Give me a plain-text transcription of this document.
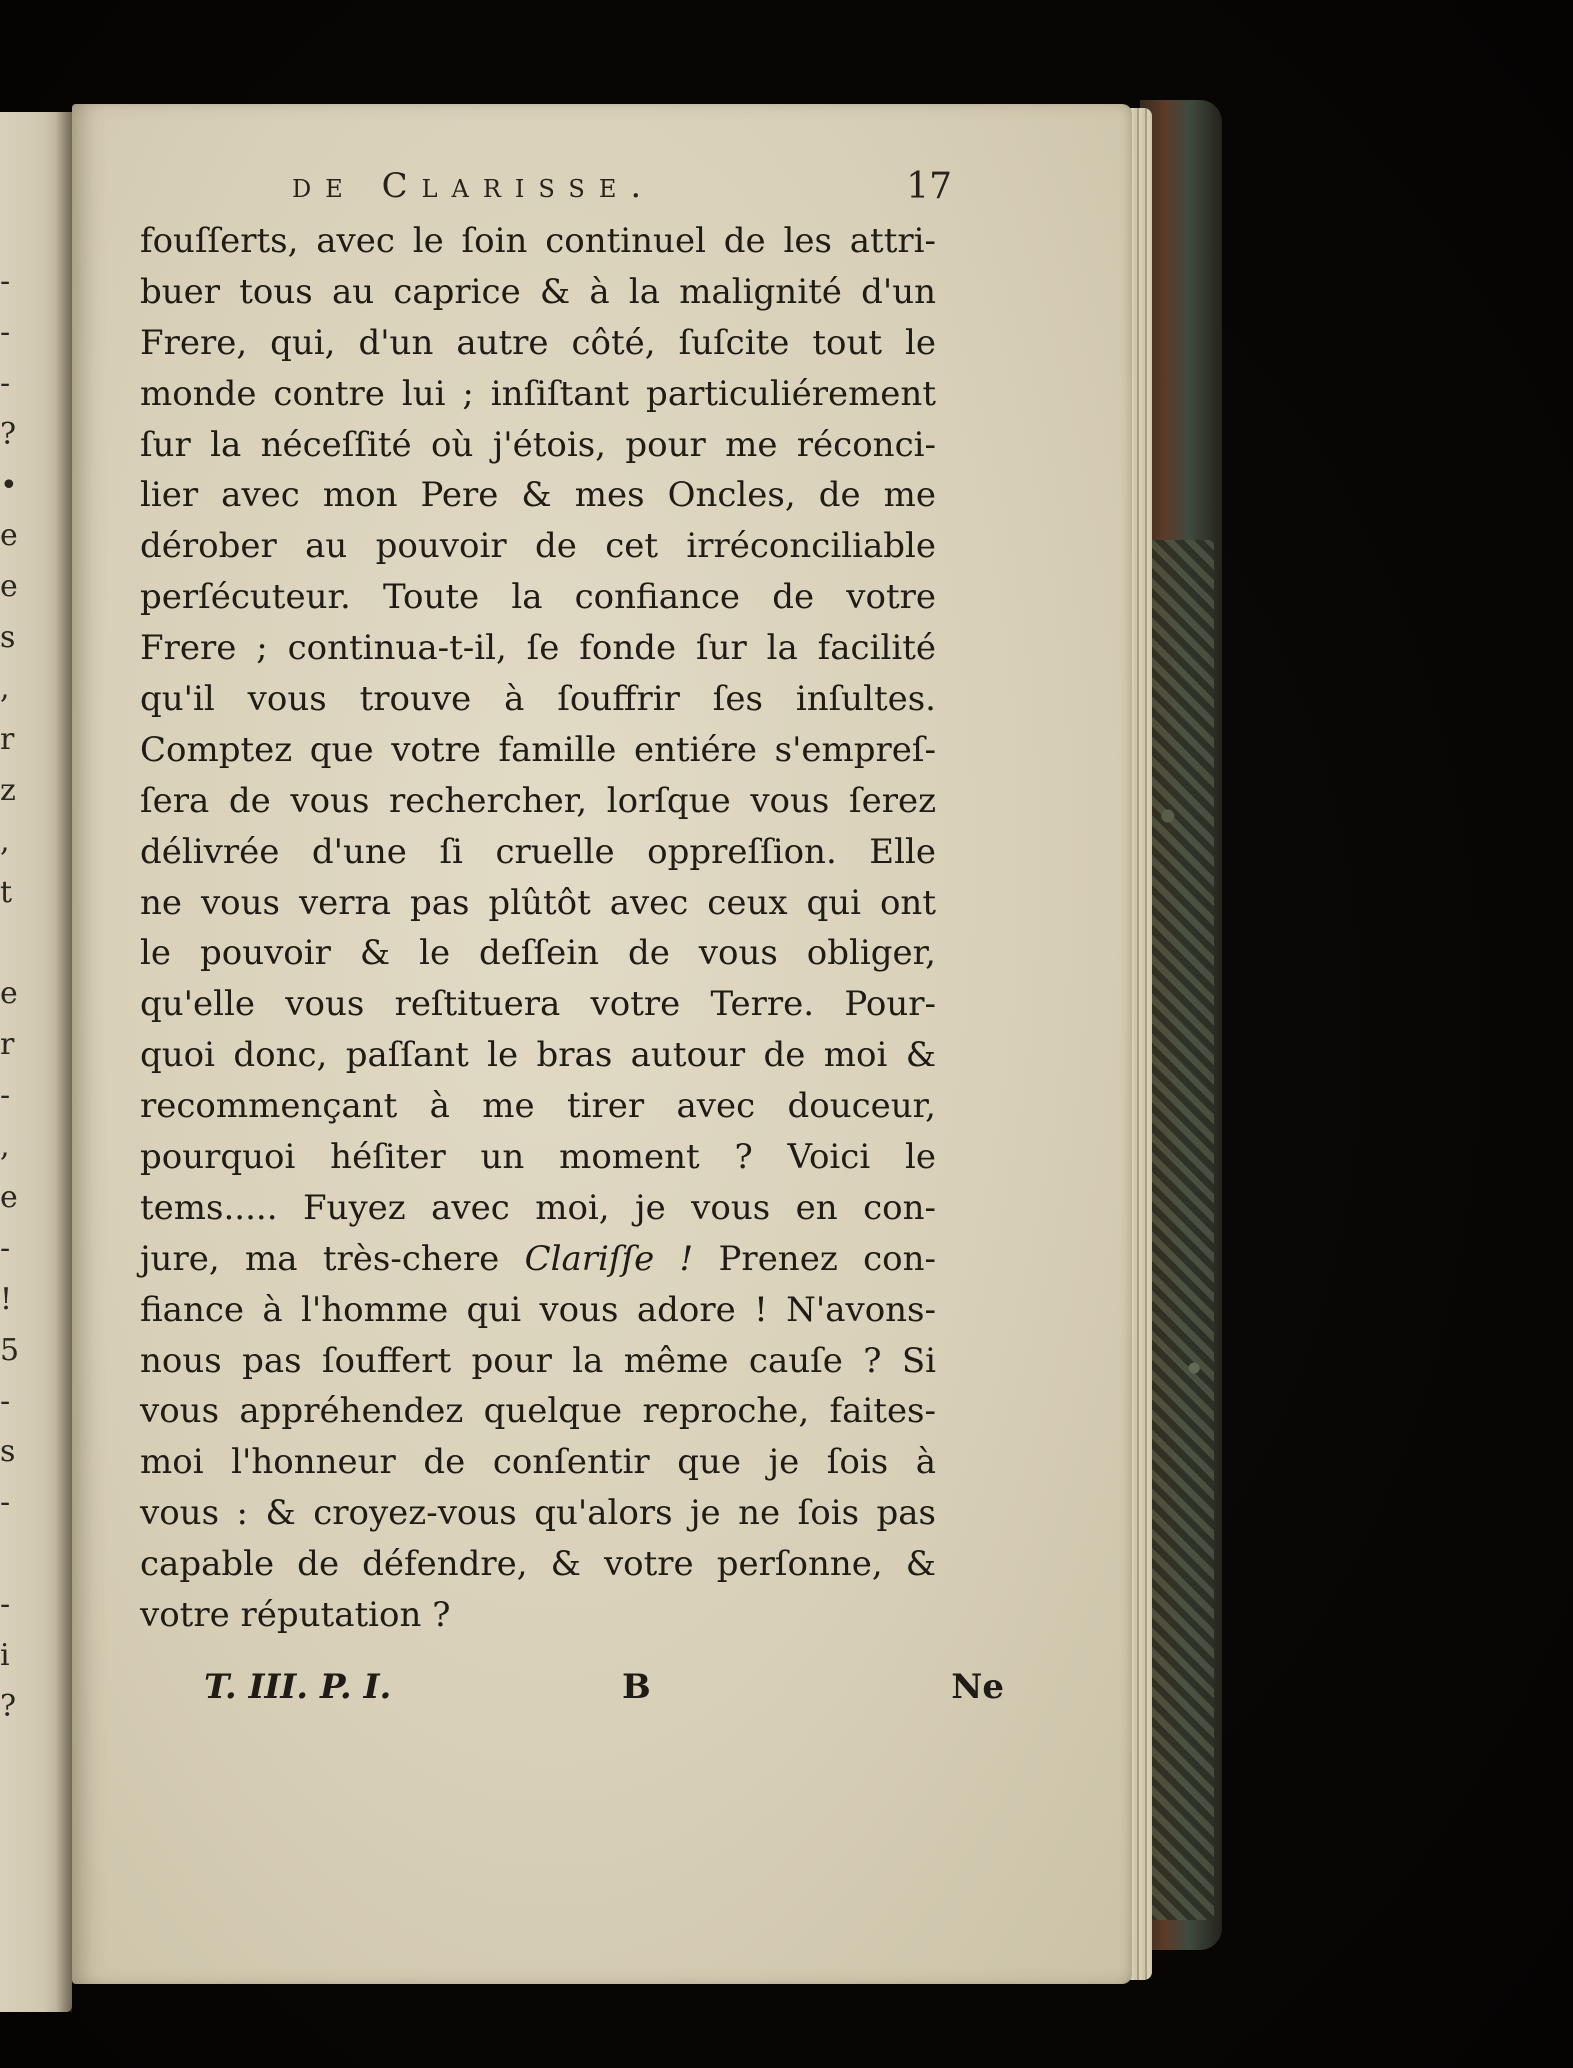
-
-
-
?
•
e
e
s
,
r
z
,
t
e
r
-
,
e
-
!
5
-
s
-
-
i
?
de Clarisse.	17
fouſſerts, avec le ſoin continuel de les attri-
buer tous au caprice & à la malignité d'un
Frere, qui, d'un autre côté, ſuſcite tout le
monde contre lui ; inſiſtant particuliérement
ſur la néceſſité où j'étois, pour me réconci-
lier avec mon Pere & mes Oncles, de me
dérober au pouvoir de cet irréconciliable
perſécuteur. Toute la confiance de votre
Frere ; continua-t-il, ſe fonde ſur la facilité
qu'il vous trouve à ſouffrir ſes inſultes.
Comptez que votre famille entiére s'empreſ-
ſera de vous rechercher, lorſque vous ſerez
délivrée d'une ſi cruelle oppreſſion. Elle
ne vous verra pas plûtôt avec ceux qui ont
le pouvoir & le deſſein de vous obliger,
qu'elle vous reſtituera votre Terre. Pour-
quoi donc, paſſant le bras autour de moi &
recommençant à me tirer avec douceur,
pourquoi héſiter un moment ? Voici le
tems..... Fuyez avec moi, je vous en con-
jure, ma très-chere Clariſſe ! Prenez con-
fiance à l'homme qui vous adore ! N'avons-
nous pas ſouffert pour la même cauſe ? Si
vous appréhendez quelque reproche, faites-
moi l'honneur de conſentir que je ſois à
vous : & croyez-vous qu'alors je ne ſois pas
capable de défendre, & votre perſonne, &
votre réputation ?
T. III. P. I.	B	Ne
